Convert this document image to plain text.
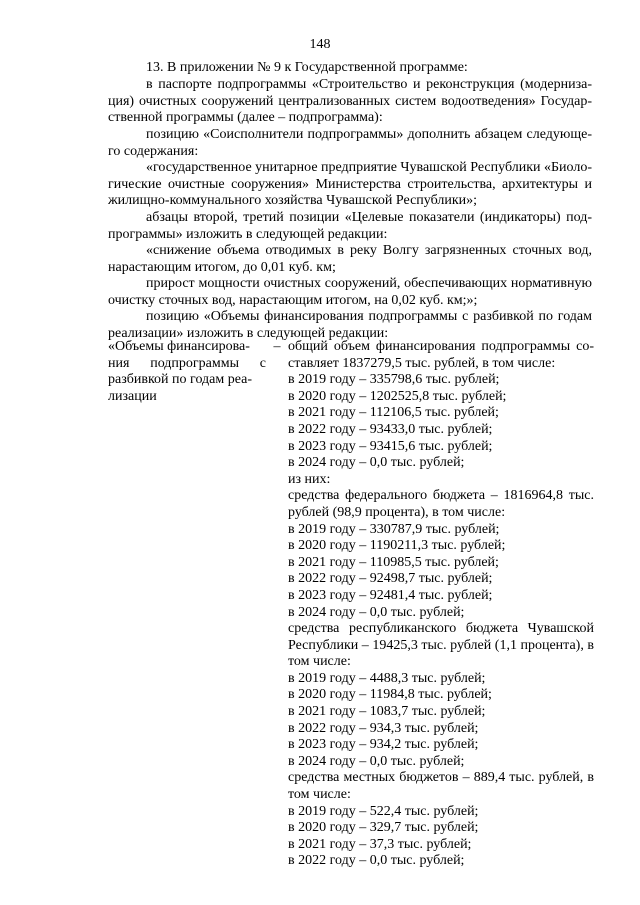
148
13. В приложении № 9 к Государственной программе:
в паспорте подпрограммы «Строительство и реконструкция (модерниза-
ция) очистных сооружений централизованных систем водоотведения» Государ-
ственной программы (далее – подпрограмма):
позицию «Соисполнители подпрограммы» дополнить абзацем следующе-
го содержания:
«государственное унитарное предприятие Чувашской Республики «Биоло-
гические очистные сооружения» Министерства строительства, архитектуры и
жилищно-коммунального хозяйства Чувашской Республики»;
абзацы второй, третий позиции «Целевые показатели (индикаторы) под-
программы» изложить в следующей редакции:
«снижение объема отводимых в реку Волгу загрязненных сточных вод,
нарастающим итогом, до 0,01 куб. км;
прирост мощности очистных сооружений, обеспечивающих нормативную
очистку сточных вод, нарастающим итогом, на 0,02 куб. км;»;
позицию «Объемы финансирования подпрограммы с разбивкой по годам
реализации» изложить в следующей редакции:
«Объемы финансирова-
ния подпрограммы с
разбивкой по годам реа-
лизации
– общий объем финансирования подпрограммы со-
ставляет 1837279,5 тыс. рублей, в том числе:
в 2019 году – 335798,6 тыс. рублей;
в 2020 году – 1202525,8 тыс. рублей;
в 2021 году – 112106,5 тыс. рублей;
в 2022 году – 93433,0 тыс. рублей;
в 2023 году – 93415,6 тыс. рублей;
в 2024 году – 0,0 тыс. рублей;
из них:
средства федерального бюджета – 1816964,8 тыс.
рублей (98,9 процента), в том числе:
в 2019 году – 330787,9 тыс. рублей;
в 2020 году – 1190211,3 тыс. рублей;
в 2021 году – 110985,5 тыс. рублей;
в 2022 году – 92498,7 тыс. рублей;
в 2023 году – 92481,4 тыс. рублей;
в 2024 году – 0,0 тыс. рублей;
средства республиканского бюджета Чувашской
Республики – 19425,3 тыс. рублей (1,1 процента), в
том числе:
в 2019 году – 4488,3 тыс. рублей;
в 2020 году – 11984,8 тыс. рублей;
в 2021 году – 1083,7 тыс. рублей;
в 2022 году – 934,3 тыс. рублей;
в 2023 году – 934,2 тыс. рублей;
в 2024 году – 0,0 тыс. рублей;
средства местных бюджетов – 889,4 тыс. рублей, в
том числе:
в 2019 году – 522,4 тыс. рублей;
в 2020 году – 329,7 тыс. рублей;
в 2021 году – 37,3 тыс. рублей;
в 2022 году – 0,0 тыс. рублей;
